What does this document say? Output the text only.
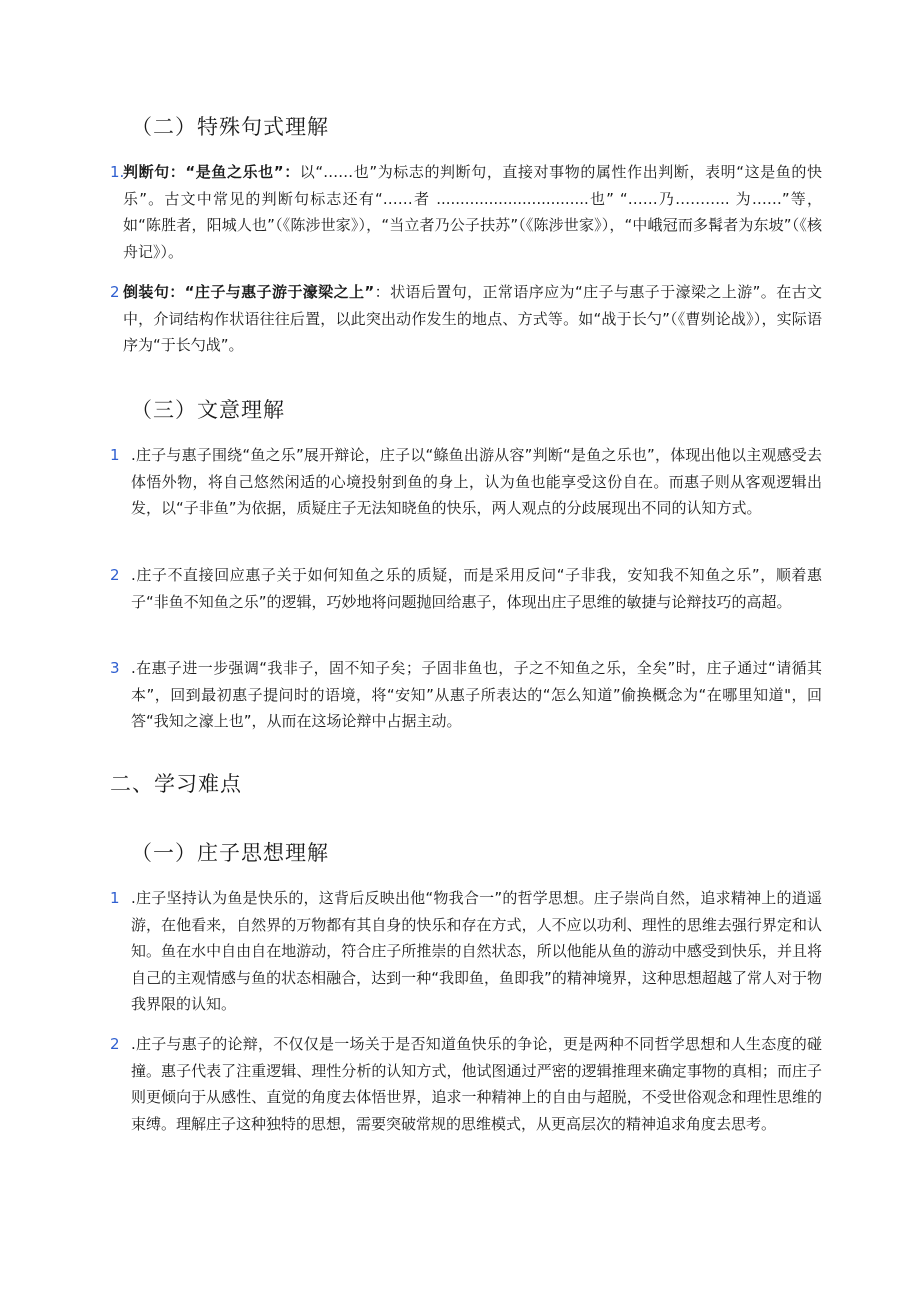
（二）特殊句式理解
1.
判断句：“是鱼之乐也”：以“……也”为标志的判断句，直接对事物的属性作出判断，表明“这是鱼的快乐”。古文中常见的判断句标志还有“……者 ................................也” “……乃……….. 为……”等，如“陈胜者，阳城人也”（《陈涉世家》），“当立者乃公子扶苏”（《陈涉世家》），“中峨冠而多髯者为东坡”（《核舟记》）。
2 倒装句：“庄子与惠子游于濠梁之上”：状语后置句，正常语序应为“庄子与惠子于濠梁之上游”。在古文中，介词结构作状语往往后置，以此突出动作发生的地点、方式等。如“战于长勺”（《曹刿论战》），实际语序为“于长勺战”。
（三）文意理解
1 .庄子与惠子围绕“鱼之乐”展开辩论，庄子以“鲦鱼出游从容”判断“是鱼之乐也”，体现出他以主观感受去体悟外物，将自己悠然闲适的心境投射到鱼的身上，认为鱼也能享受这份自在。而惠子则从客观逻辑出发，以“子非鱼”为依据，质疑庄子无法知晓鱼的快乐，两人观点的分歧展现出不同的认知方式。
2 .庄子不直接回应惠子关于如何知鱼之乐的质疑，而是采用反问“子非我，安知我不知鱼之乐”，顺着惠子“非鱼不知鱼之乐”的逻辑，巧妙地将问题抛回给惠子，体现出庄子思维的敏捷与论辩技巧的高超。
3 .在惠子进一步强调“我非子，固不知子矣；子固非鱼也，子之不知鱼之乐，全矣”时，庄子通过“请循其本”，回到最初惠子提问时的语境，将“安知”从惠子所表达的“怎么知道”偷换概念为“在哪里知道"，回答“我知之濠上也”，从而在这场论辩中占据主动。
二、学习难点
（一）庄子思想理解
1 .庄子坚持认为鱼是快乐的，这背后反映出他“物我合一”的哲学思想。庄子崇尚自然，追求精神上的逍遥游，在他看来，自然界的万物都有其自身的快乐和存在方式，人不应以功利、理性的思维去强行界定和认知。鱼在水中自由自在地游动，符合庄子所推崇的自然状态，所以他能从鱼的游动中感受到快乐，并且将自己的主观情感与鱼的状态相融合，达到一种“我即鱼，鱼即我”的精神境界，这种思想超越了常人对于物我界限的认知。
2 .庄子与惠子的论辩，不仅仅是一场关于是否知道鱼快乐的争论，更是两种不同哲学思想和人生态度的碰撞。惠子代表了注重逻辑、理性分析的认知方式，他试图通过严密的逻辑推理来确定事物的真相；而庄子则更倾向于从感性、直觉的角度去体悟世界，追求一种精神上的自由与超脱，不受世俗观念和理性思维的束缚。理解庄子这种独特的思想，需要突破常规的思维模式，从更高层次的精神追求角度去思考。
